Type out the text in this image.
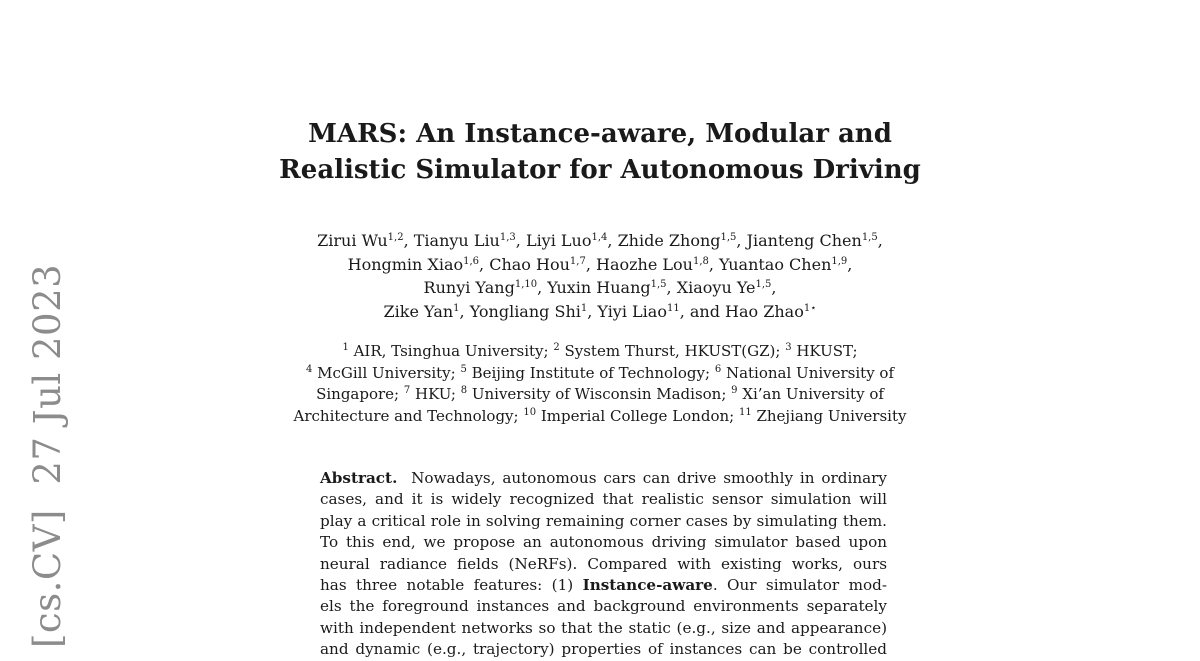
[cs.CV]  27 Jul 2023
MARS: An Instance-aware, Modular and
Realistic Simulator for Autonomous Driving
Zirui Wu$^{1,2}$, Tianyu Liu$^{1,3}$, Liyi Luo$^{1,4}$, Zhide Zhong$^{1,5}$, Jianteng Chen$^{1,5}$,
Hongmin Xiao$^{1,6}$, Chao Hou$^{1,7}$, Haozhe Lou$^{1,8}$, Yuantao Chen$^{1,9}$,
Runyi Yang$^{1,10}$, Yuxin Huang$^{1,5}$, Xiaoyu Ye$^{1,5}$,
Zike Yan$^1$, Yongliang Shi$^1$, Yiyi Liao$^{11}$, and Hao Zhao$^{1⋆}$
$^1$ AIR, Tsinghua University; $^2$ System Thurst, HKUST(GZ); $^3$ HKUST;
$^4$ McGill University; $^5$ Beijing Institute of Technology; $^6$ National University of
Singapore; $^7$ HKU; $^8$ University of Wisconsin Madison; $^9$ Xi’an University of
Architecture and Technology; $^{10}$ Imperial College London; $^{11}$ Zhejiang University
Abstract. Nowadays, autonomous cars can drive smoothly in ordinary
cases, and it is widely recognized that realistic sensor simulation will
play a critical role in solving remaining corner cases by simulating them.
To this end, we propose an autonomous driving simulator based upon
neural radiance fields (NeRFs). Compared with existing works, ours
has three notable features: (1) Instance-aware. Our simulator mod-
els the foreground instances and background environments separately
with independent networks so that the static (e.g., size and appearance)
and dynamic (e.g., trajectory) properties of instances can be controlled
